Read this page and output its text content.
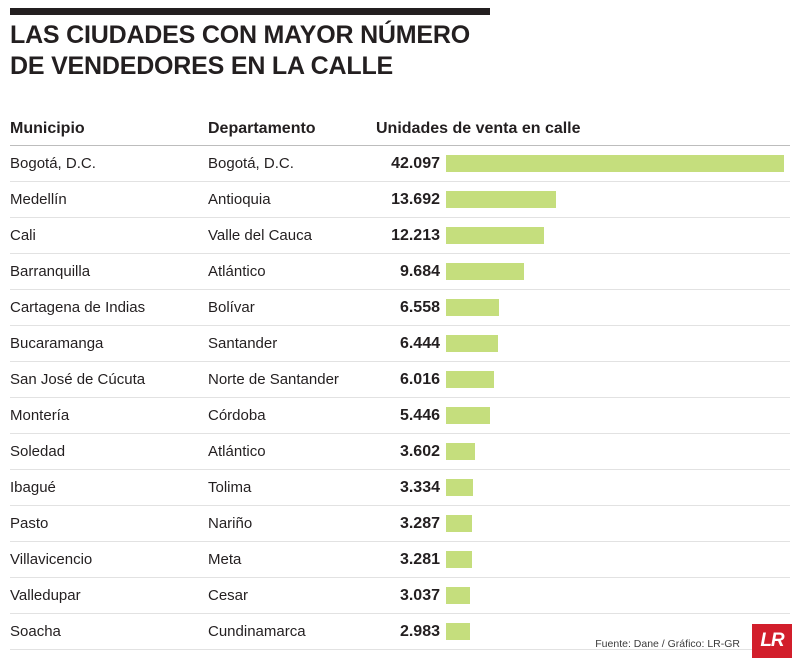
LAS CIUDADES CON MAYOR NÚMERO
DE VENDEDORES EN LA CALLE
Municipio	Departamento	Unidades de venta en calle
Bogotá, D.C.	Bogotá, D.C.	42.097
Medellín	Antioquia	13.692
Cali	Valle del Cauca	12.213
Barranquilla	Atlántico	9.684
Cartagena de Indias	Bolívar	6.558
Bucaramanga	Santander	6.444
San José de Cúcuta	Norte de Santander	6.016
Montería	Córdoba	5.446
Soledad	Atlántico	3.602
Ibagué	Tolima	3.334
Pasto	Nariño	3.287
Villavicencio	Meta	3.281
Valledupar	Cesar	3.037
Soacha	Cundinamarca	2.983
Fuente: Dane / Gráfico: LR-GR	LR
